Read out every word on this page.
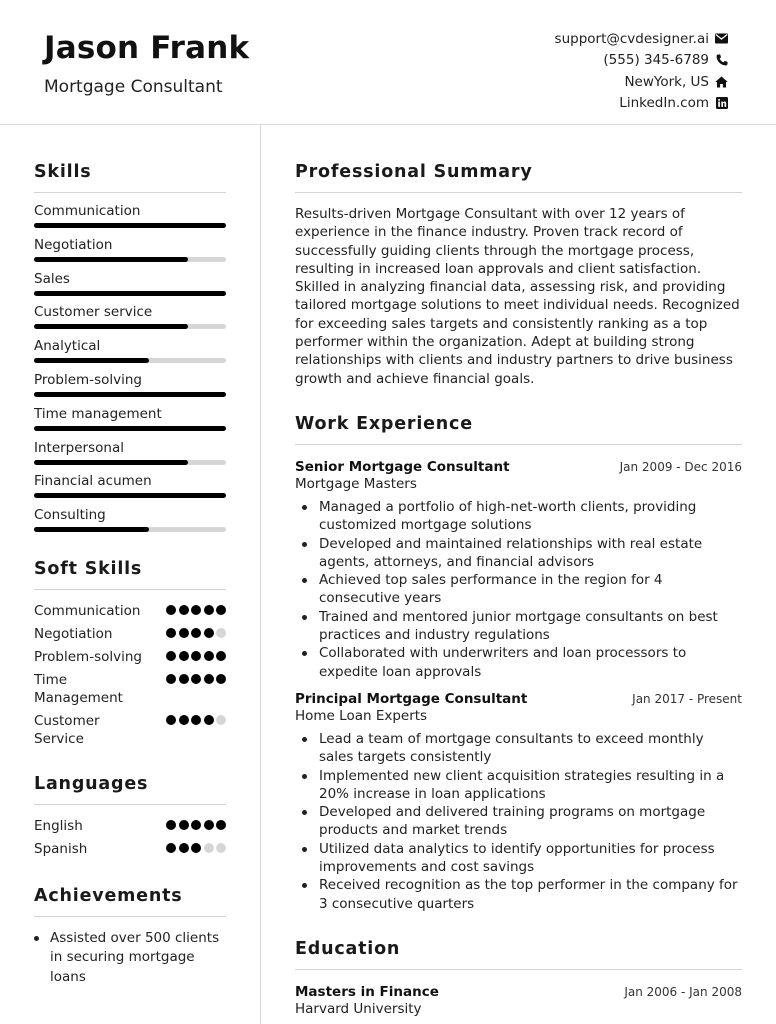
Jason Frank
Mortgage Consultant
support@cvdesigner.ai
(555) 345-6789
NewYork, US
LinkedIn.com
Skills
Communication
Negotiation
Sales
Customer service
Analytical
Problem-solving
Time management
Interpersonal
Financial acumen
Consulting
Soft Skills
Communication
Negotiation
Problem-solving
Time Management
Customer Service
Languages
English
Spanish
Achievements
Assisted over 500 clients in securing mortgage loans
Professional Summary
Results-driven Mortgage Consultant with over 12 years of experience in the finance industry. Proven track record of successfully guiding clients through the mortgage process, resulting in increased loan approvals and client satisfaction. Skilled in analyzing financial data, assessing risk, and providing tailored mortgage solutions to meet individual needs. Recognized for exceeding sales targets and consistently ranking as a top performer within the organization. Adept at building strong relationships with clients and industry partners to drive business growth and achieve financial goals.
Work Experience
Senior Mortgage Consultant	Jan 2009 - Dec 2016
Mortgage Masters
Managed a portfolio of high-net-worth clients, providing customized mortgage solutions
Developed and maintained relationships with real estate agents, attorneys, and financial advisors
Achieved top sales performance in the region for 4 consecutive years
Trained and mentored junior mortgage consultants on best practices and industry regulations
Collaborated with underwriters and loan processors to expedite loan approvals
Principal Mortgage Consultant	Jan 2017 - Present
Home Loan Experts
Lead a team of mortgage consultants to exceed monthly sales targets consistently
Implemented new client acquisition strategies resulting in a 20% increase in loan applications
Developed and delivered training programs on mortgage products and market trends
Utilized data analytics to identify opportunities for process improvements and cost savings
Received recognition as the top performer in the company for 3 consecutive quarters
Education
Masters in Finance	Jan 2006 - Jan 2008
Harvard University
